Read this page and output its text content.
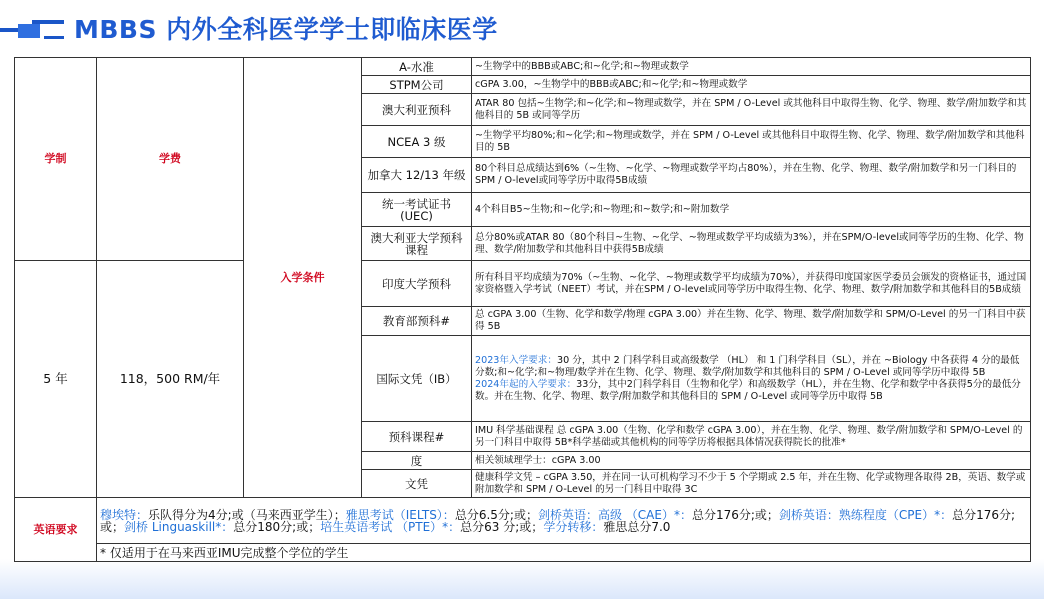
MBBS 内外全科医学学士即临床医学
学制	学费	入学条件	A-水准	~生物学中的BBB或ABC;和~化学;和~物理或数学
			STPM公司	cGPA 3.00，~生物学中的BBB或ABC;和~化学;和~物理或数学
			澳大利亚预科	ATAR 80 包括~生物学;和~化学;和~物理或数学，并在 SPM / O-Level 或其他科目中取得生物、化学、物理、数学/附加数学和其他科目的 5B 或同等学历
			NCEA 3 级	~生物学平均80%;和~化学;和~物理或数学，并在 SPM / O-Level 或其他科目中取得生物、化学、物理、数学/附加数学和其他科目的 5B
			加拿大 12/13 年级	80个科目总成绩达到6%（~生物、~化学、~物理或数学平均占80%），并在生物、化学、物理、数学/附加数学和另一门科目的SPM / O-level或同等学历中取得5B成绩
			统一考试证书 (UEC)	4个科目B5~生物;和~化学;和~物理;和~数学;和~附加数学
			澳大利亚大学预科课程	总分80%或ATAR 80（80个科目~生物、~化学、~物理或数学平均成绩为3%），并在SPM/O-level或同等学历的生物、化学、物理、数学/附加数学和其他科目中获得5B成绩
5 年	118，500 RM/年		印度大学预科	所有科目平均成绩为70%（~生物、~化学、~物理或数学平均成绩为70%），并获得印度国家医学委员会颁发的资格证书，通过国家资格暨入学考试（NEET）考试，并在SPM / O-level或同等学历中取得生物、化学、物理、数学/附加数学和其他科目的5B成绩
			教育部预科#	总 cGPA 3.00（生物、化学和数学/物理 cGPA 3.00）并在生物、化学、物理、数学/附加数学和 SPM/O-Level 的另一门科目中获得 5B
			国际文凭（IB）	2023年入学要求：30 分，其中 2 门科学科目或高级数学 （HL） 和 1 门科学科目（SL），并在 ~Biology 中各获得 4 分的最低分数;和~化学;和~物理/数学并在生物、化学、物理、数学/附加数学和其他科目的 SPM / O-Level 或同等学历中取得 5B
2024年起的入学要求：33分，其中2门科学科目（生物和化学）和高级数学（HL），并在生物、化学和数学中各获得5分的最低分数。并在生物、化学、物理、数学/附加数学和其他科目的 SPM / O-Level 或同等学历中取得 5B
			预科课程#	IMU 科学基础课程 总 cGPA 3.00（生物、化学和数学 cGPA 3.00），并在生物、化学、物理、数学/附加数学和 SPM/O-Level 的另一门科目中取得 5B*科学基础或其他机构的同等学历将根据具体情况获得院长的批准*
			度	相关领域理学士：cGPA 3.00
			文凭	健康科学文凭 – cGPA 3.50，并在同一认可机构学习不少于 5 个学期或 2.5 年，并在生物、化学或物理各取得 2B，英语、数学或附加数学和 SPM / O-Level 的另一门科目中取得 3C
英语要求	穆埃特：乐队得分为4分;或（马来西亚学生）；雅思考试（IELTS）：总分6.5分;或；剑桥英语：高级 （CAE）*：总分176分;或；剑桥英语：熟练程度（CPE）*：总分176分;或；剑桥 Linguaskill*：总分180分;或；培生英语考试 （PTE）*：总分63 分;或；学分转移：雅思总分7.0			
	* 仅适用于在马来西亚IMU完成整个学位的学生			
